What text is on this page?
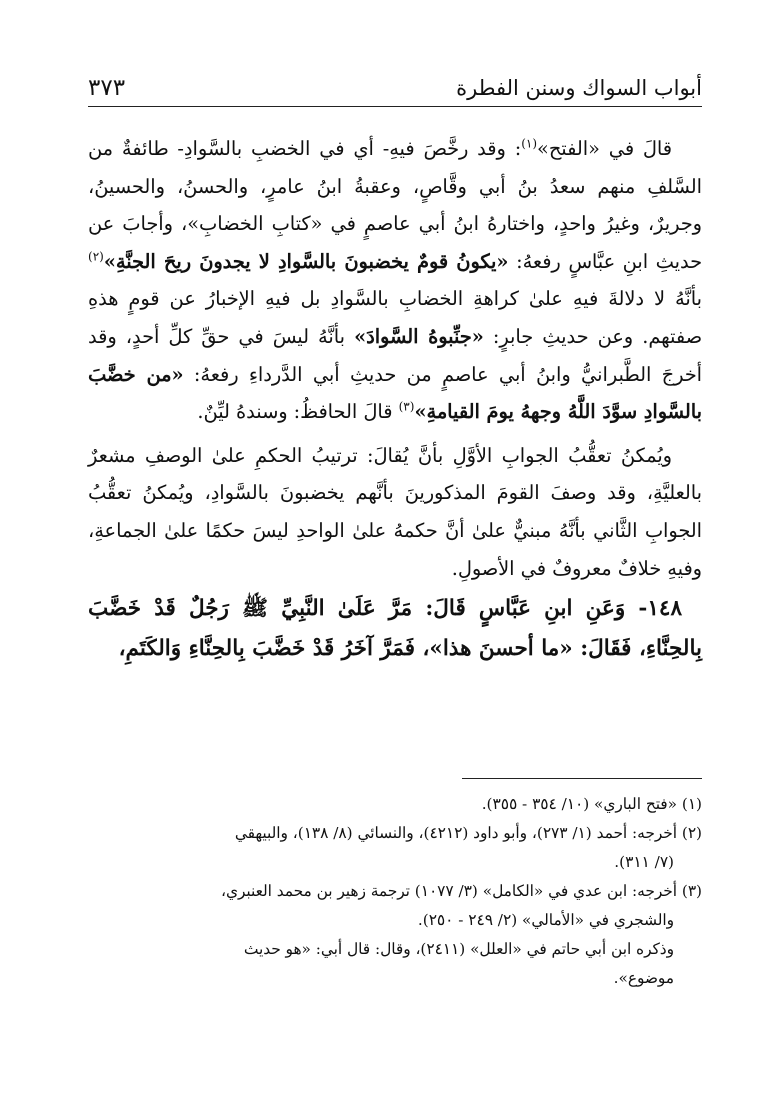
أبواب السواك وسنن الفطرة
٣٧٣

قالَ في «الفتح»$^{(١)}$: وقد رخَّصَ فيهِ- أي في الخضبِ بالسَّوادِ- طائفةٌ من السَّلفِ منهم سعدُ بنُ أبي وقَّاصٍ، وعقبةُ ابنُ عامرٍ، والحسنُ، والحسينُ، وجريرٌ، وغيرُ واحدٍ، واختارهُ ابنُ أبي عاصمٍ في «كتابِ الخضابِ»، وأجابَ عن حديثِ ابنِ عبَّاسٍ رفعهُ: «يكونُ قومٌ يخضبونَ بالسَّوادِ لا يجدونَ ريحَ الجنَّةِ»$^{(٢)}$ بأنَّهُ لا دلالةَ فيهِ علىٰ كراهةِ الخضابِ بالسَّوادِ بل فيهِ الإخبارُ عن قومٍ هذهِ صفتهم. وعن حديثِ جابرٍ: «جنِّبوهُ السَّوادَ» بأنَّهُ ليسَ في حقِّ كلِّ أحدٍ، وقد أخرجَ الطَّبرانيُّ وابنُ أبي عاصمٍ من حديثِ أبي الدَّرداءِ رفعهُ: «من خضَّبَ بالسَّوادِ سوَّدَ اللَّهُ وجههُ يومَ القيامةِ»$^{(٣)}$ قالَ الحافظُ: وسندهُ ليِّنٌ.

ويُمكنُ تعقُّبُ الجوابِ الأوَّلِ بأنَّ يُقالَ: ترتيبُ الحكمِ علىٰ الوصفِ مشعرٌ بالعليَّةِ، وقد وصفَ القومَ المذكورينَ بأنَّهم يخضبونَ بالسَّوادِ، ويُمكنُ تعقُّبُ الجوابِ الثَّاني بأنَّهُ مبنيٌّ علىٰ أنَّ حكمهُ علىٰ الواحدِ ليسَ حكمًا علىٰ الجماعةِ، وفيهِ خلافٌ معروفٌ في الأصولِ.

١٤٨- وَعَنِ ابنِ عَبَّاسٍ قَالَ: مَرَّ عَلَىٰ النَّبِيِّ ﷺ رَجُلٌ قَدْ خَضَّبَ بِالحِنَّاءِ، فَقَالَ: «ما أحسنَ هذا»، فَمَرَّ آخَرُ قَدْ خَضَّبَ بِالحِنَّاءِ وَالكَتَمِ،

(١) «فتح الباري» (١٠/ ٣٥٤ - ٣٥٥).

(٢) أخرجه: أحمد (١/ ٢٧٣)، وأبو داود (٤٢١٢)، والنسائي (٨/ ١٣٨)، والبيهقي

(٧/ ٣١١).

(٣) أخرجه: ابن عدي في «الكامل» (٣/ ١٠٧٧) ترجمة زهير بن محمد العنبري،

والشجري في «الأمالي» (٢/ ٢٤٩ - ٢٥٠).

وذكره ابن أبي حاتم في «العلل» (٢٤١١)، وقال: قال أبي: «هو حديث

موضوع».
